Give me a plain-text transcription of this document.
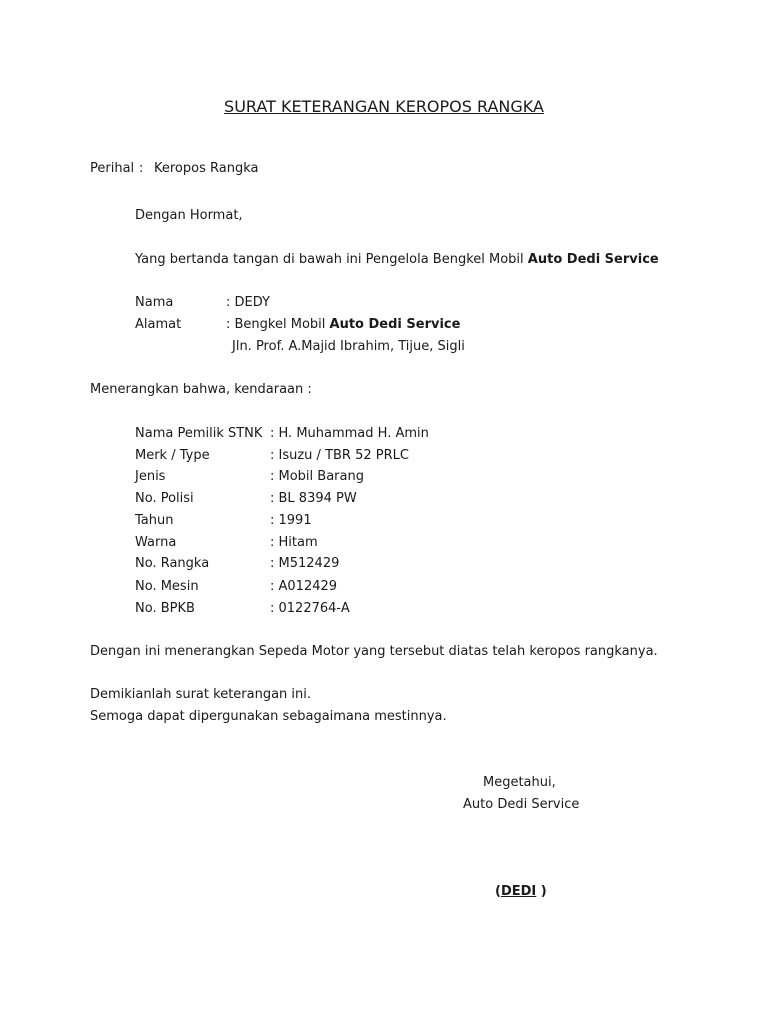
SURAT KETERANGAN KEROPOS RANGKA
Perihal : Keropos Rangka
Dengan Hormat,
Yang bertanda tangan di bawah ini Pengelola Bengkel Mobil Auto Dedi Service
Nama	: DEDY
Alamat	: Bengkel Mobil Auto Dedi Service
Jln. Prof. A.Majid Ibrahim, Tijue, Sigli
Menerangkan bahwa, kendaraan :
Nama Pemilik STNK : H. Muhammad H. Amin
Merk / Type	: Isuzu / TBR 52 PRLC
Jenis	: Mobil Barang
No. Polisi	: BL 8394 PW
Tahun	: 1991
Warna	: Hitam
No. Rangka	: M512429
No. Mesin	: A012429
No. BPKB	: 0122764-A
Dengan ini menerangkan Sepeda Motor yang tersebut diatas telah keropos rangkanya.
Demikianlah surat keterangan ini.
Semoga dapat dipergunakan sebagaimana mestinnya.
Megetahui,
Auto Dedi Service
(DEDI )
